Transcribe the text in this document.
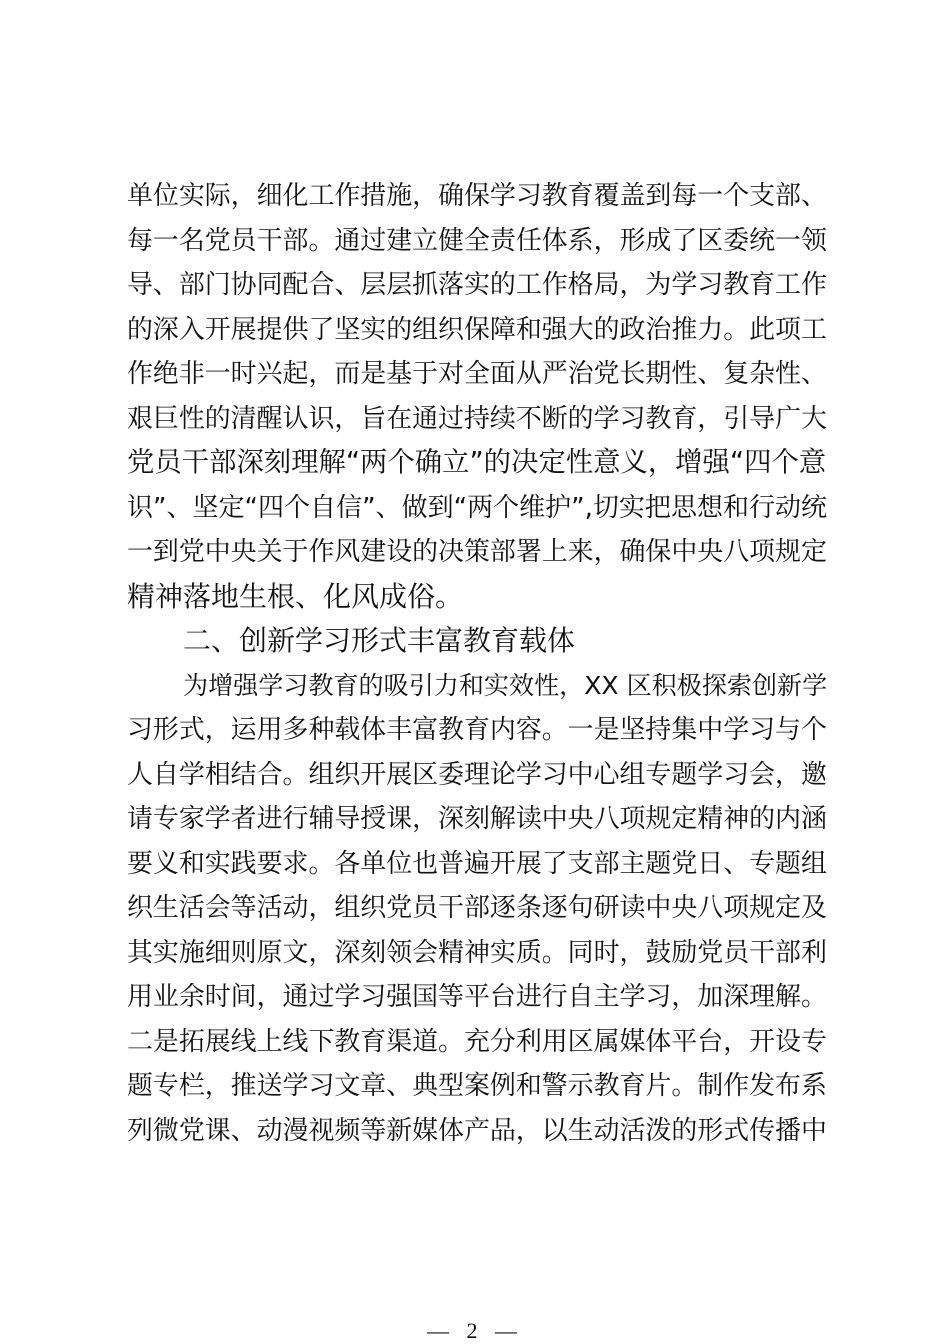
单位实际，细化工作措施，确保学习教育覆盖到每一个支部、
每一名党员干部。通过建立健全责任体系，形成了区委统一领
导、部门协同配合、层层抓落实的工作格局，为学习教育工作
的深入开展提供了坚实的组织保障和强大的政治推力。此项工
作绝非一时兴起，而是基于对全面从严治党长期性、复杂性、
艰巨性的清醒认识，旨在通过持续不断的学习教育，引导广大
党员干部深刻理解“两个确立”的决定性意义，增强“四个意
识”、坚定“四个自信”、做到“两个维护”,切实把思想和行动统
一到党中央关于作风建设的决策部署上来，确保中央八项规定
精神落地生根、化风成俗。
二、创新学习形式丰富教育载体
为增强学习教育的吸引力和实效性，XX 区积极探索创新学
习形式，运用多种载体丰富教育内容。一是坚持集中学习与个
人自学相结合。组织开展区委理论学习中心组专题学习会，邀
请专家学者进行辅导授课，深刻解读中央八项规定精神的内涵
要义和实践要求。各单位也普遍开展了支部主题党日、专题组
织生活会等活动，组织党员干部逐条逐句研读中央八项规定及
其实施细则原文，深刻领会精神实质。同时，鼓励党员干部利
用业余时间，通过学习强国等平台进行自主学习，加深理解。
二是拓展线上线下教育渠道。充分利用区属媒体平台，开设专
题专栏，推送学习文章、典型案例和警示教育片。制作发布系
列微党课、动漫视频等新媒体产品，以生动活泼的形式传播中
— 2 —
